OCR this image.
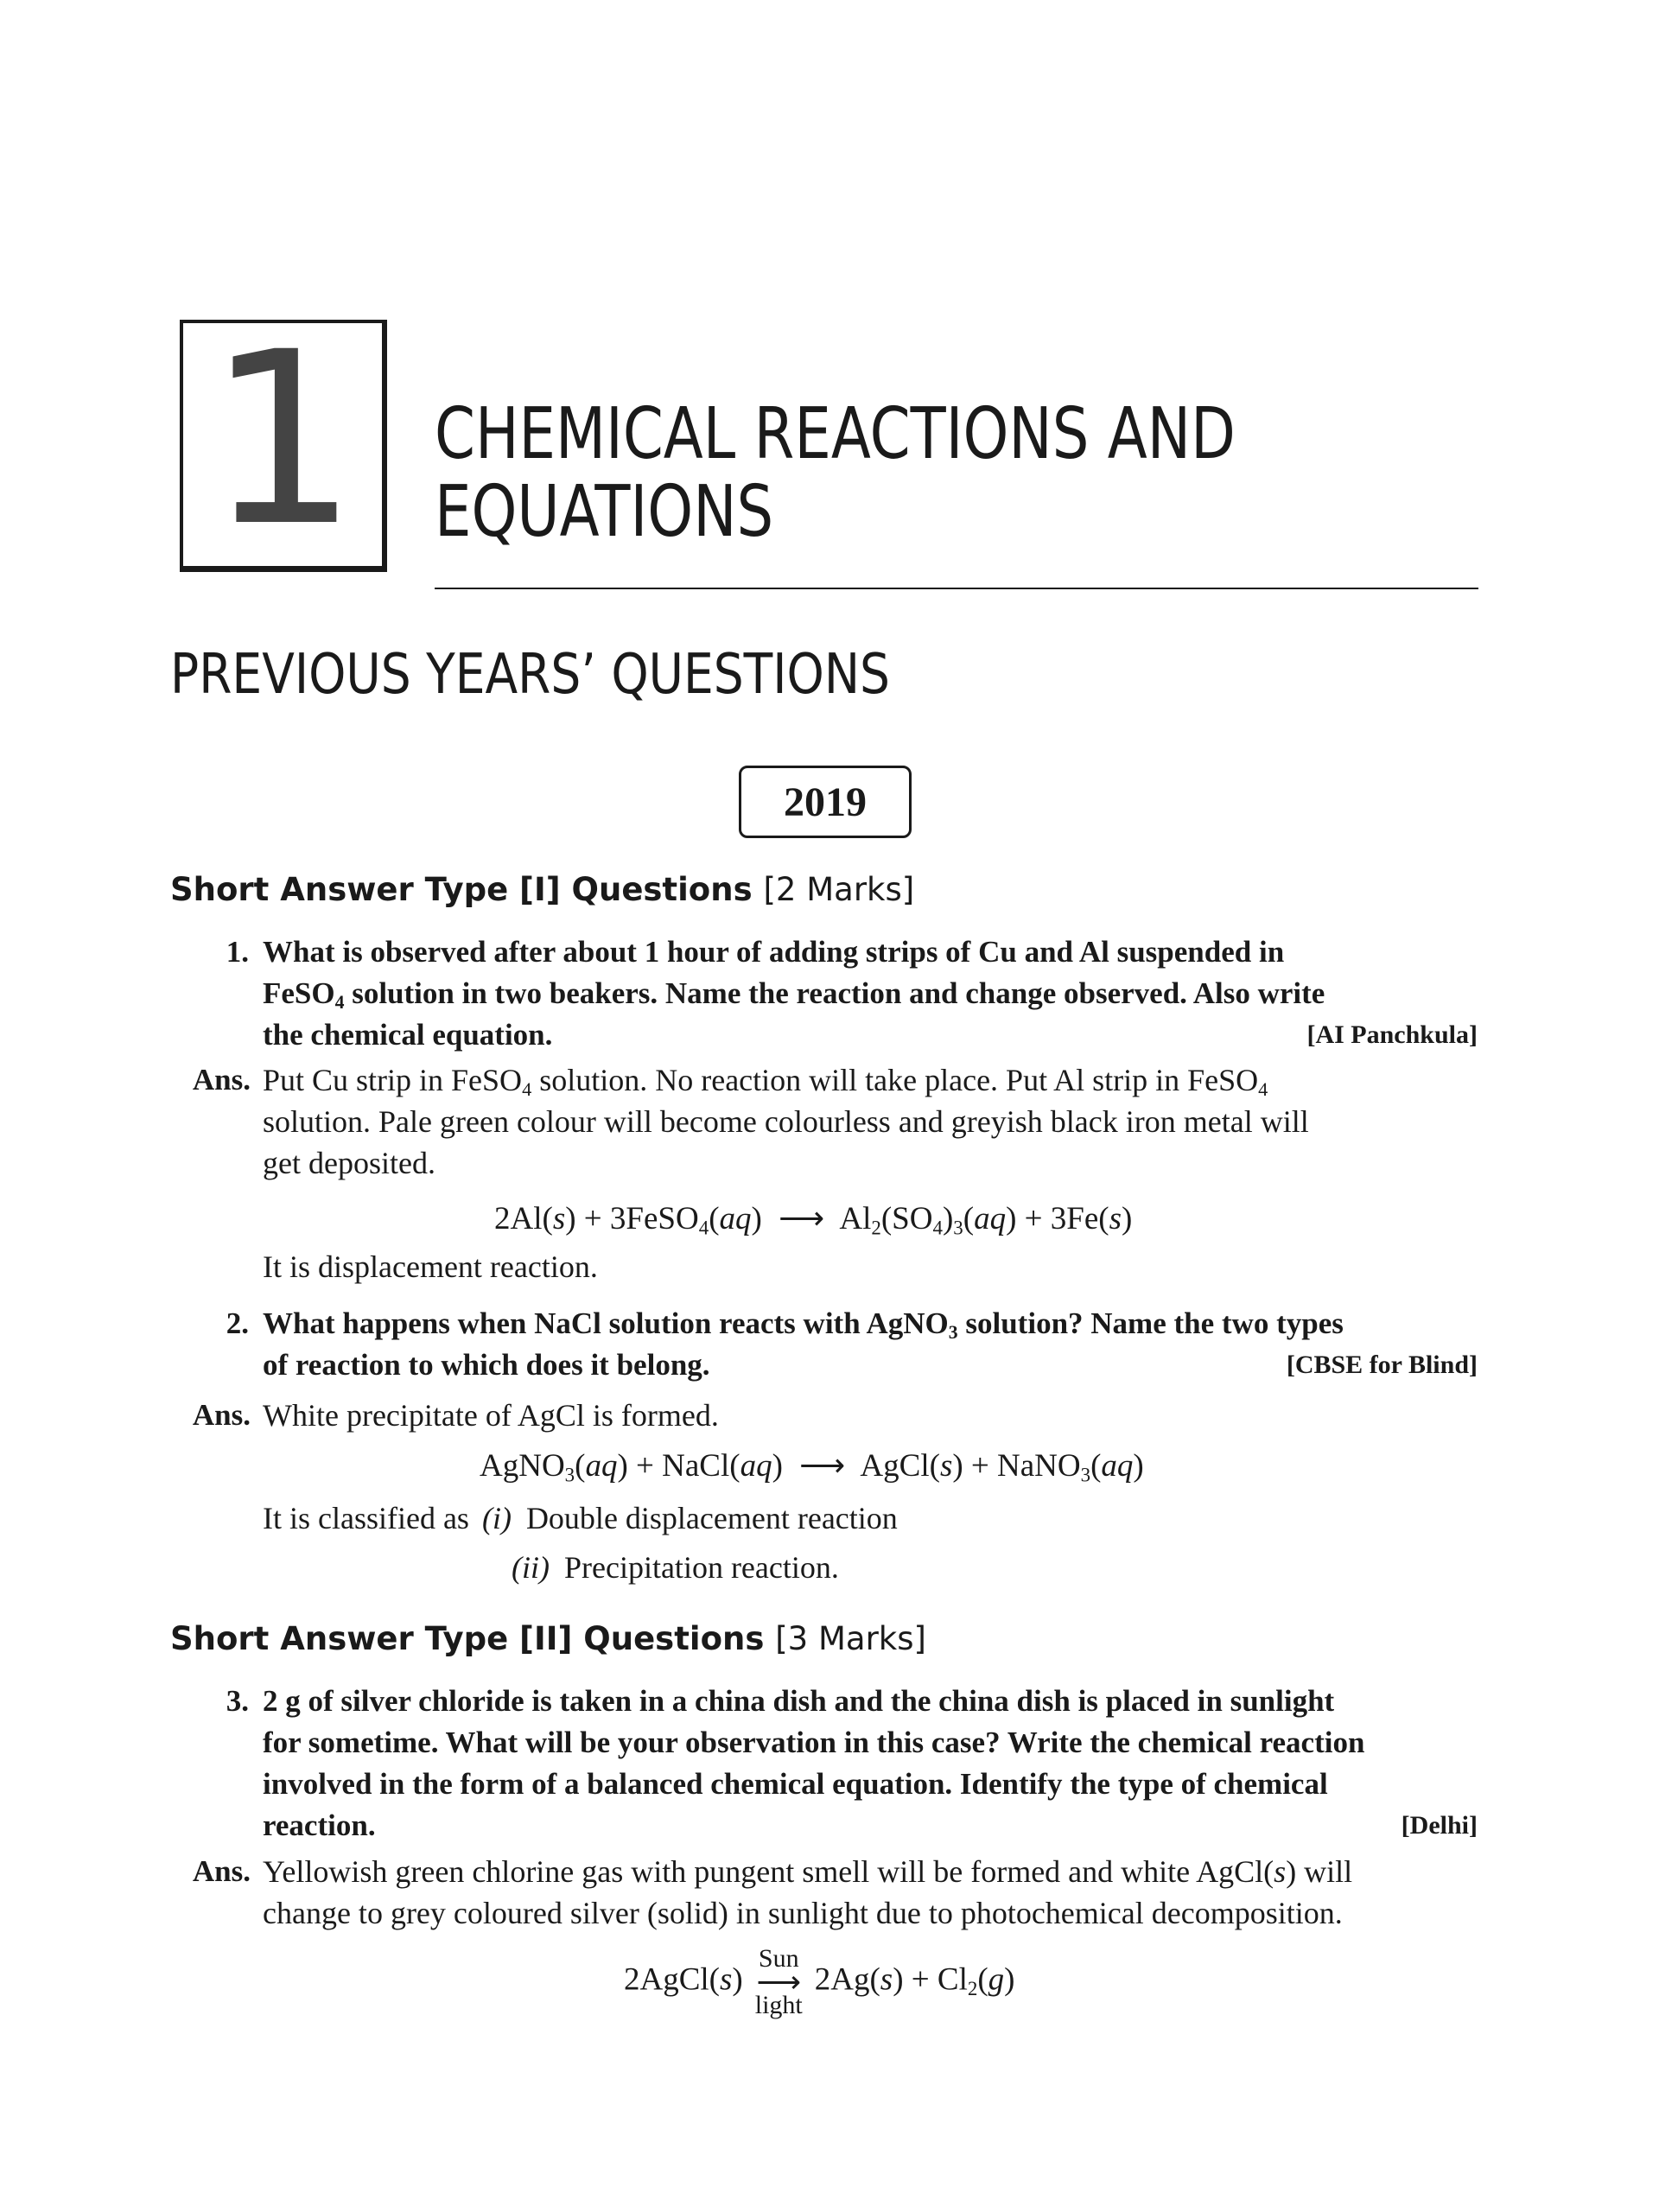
1	CHEMICAL REACTIONS AND
EQUATIONS
PREVIOUS YEARS’ QUESTIONS
2019
Short Answer Type [I] Questions [2 Marks]
1. What is observed after about 1 hour of adding strips of Cu and Al suspended in
FeSO$_4$ solution in two beakers. Name the reaction and change observed. Also write
the chemical equation.	[AI Panchkula]
Ans. Put Cu strip in FeSO$_4$ solution. No reaction will take place. Put Al strip in FeSO$_4$
solution. Pale green colour will become colourless and greyish black iron metal will
get deposited.
2Al(s) + 3FeSO$_4$(aq) ⟶ $Al_2(SO_4)_3(aq) + 3Fe(s)$
It is displacement reaction.
2. What happens when NaCl solution reacts with AgNO$_3$ solution? Name the two types
of reaction to which does it belong.	[CBSE for Blind]
Ans. White precipitate of AgCl is formed.
AgNO$_3$(aq) + NaCl(aq) ⟶ AgCl(s) + NaNO$_3$(aq)
It is classified as (i) Double displacement reaction
(ii) Precipitation reaction.
Short Answer Type [II] Questions [3 Marks]
3. 2 g of silver chloride is taken in a china dish and the china dish is placed in sunlight
for sometime. What will be your observation in this case? Write the chemical reaction
involved in the form of a balanced chemical equation. Identify the type of chemical
reaction.	[Delhi]
Ans. Yellowish green chlorine gas with pungent smell will be formed and white AgCl(s) will
change to grey coloured silver (solid) in sunlight due to photochemical decomposition.
2AgCl(s)
Sun
⟶
light
$2Ag(s) + Cl_2(g)$
